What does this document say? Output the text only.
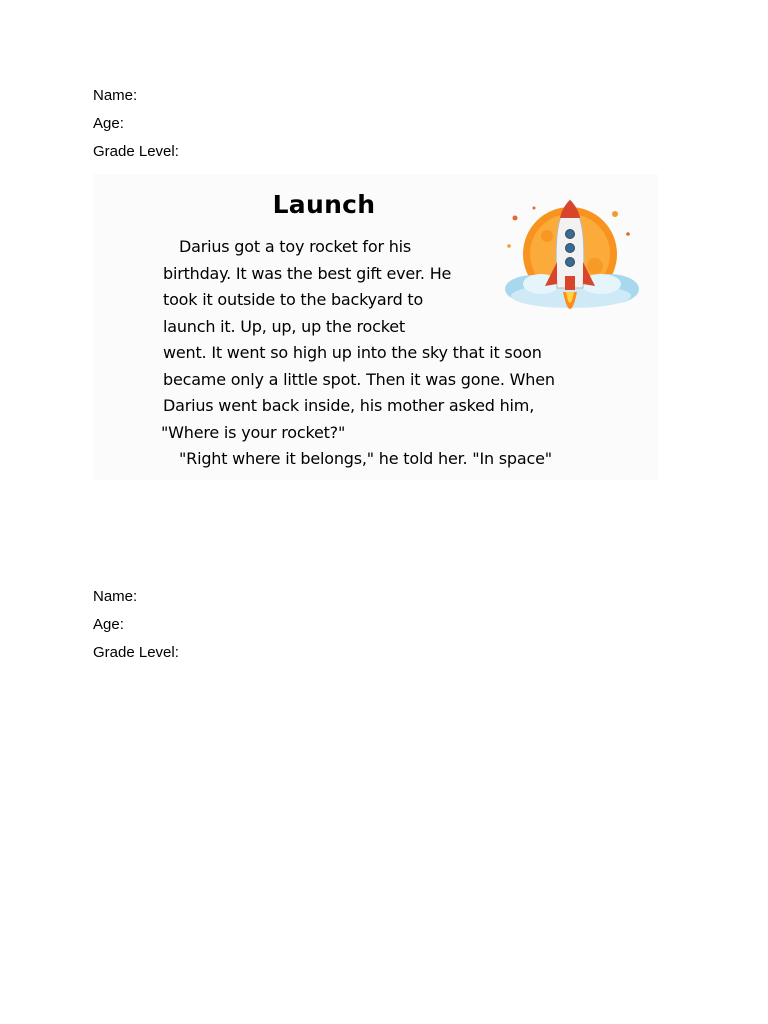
Name:
Age:
Grade Level:
Launch
Darius got a toy rocket for his
birthday. It was the best gift ever. He
took it outside to the backyard to
launch it. Up, up, up the rocket
went. It went so high up into the sky that it soon
became only a little spot. Then it was gone. When
Darius went back inside, his mother asked him,
"Where is your rocket?"
"Right where it belongs," he told her. "In space"
Name:
Age:
Grade Level:
